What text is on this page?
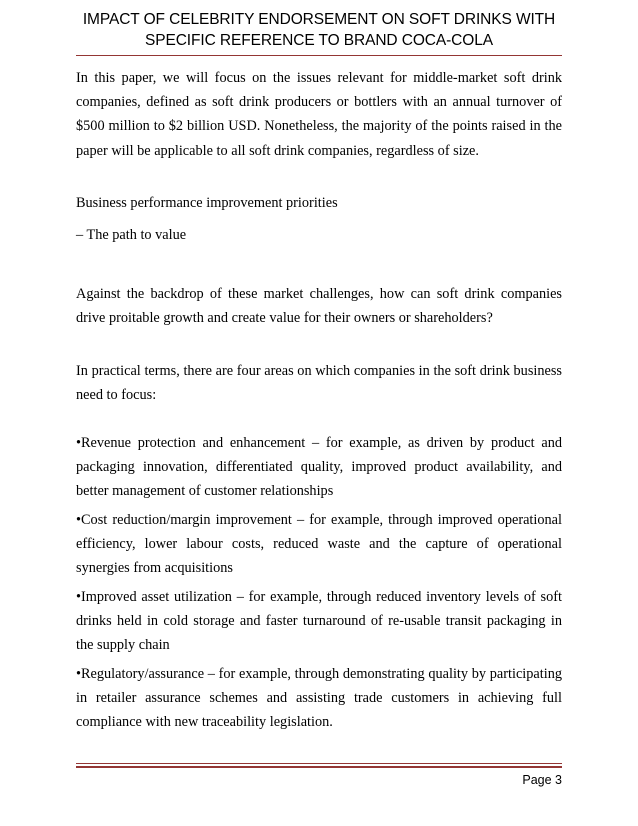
IMPACT OF CELEBRITY ENDORSEMENT ON SOFT DRINKS WITH
SPECIFIC REFERENCE TO BRAND COCA-COLA

In this paper, we will focus on the issues relevant for middle-market soft drink companies, defined as soft drink producers or bottlers with an annual turnover of $500 million to $2 billion USD. Nonetheless, the majority of the points raised in the paper will be applicable to all soft drink companies, regardless of size.

Business performance improvement priorities

– The path to value

Against the backdrop of these market challenges, how can soft drink companies drive proitable growth and create value for their owners or shareholders?

In practical terms, there are four areas on which companies in the soft drink business need to focus:

•Revenue protection and enhancement – for example, as driven by product and packaging innovation, differentiated quality, improved product availability, and better management of customer relationships

•Cost reduction/margin improvement – for example, through improved operational efficiency, lower labour costs, reduced waste and the capture of operational synergies from acquisitions

•Improved asset utilization – for example, through reduced inventory levels of soft drinks held in cold storage and faster turnaround of re-usable transit packaging in the supply chain

•Regulatory/assurance – for example, through demonstrating quality by participating in retailer assurance schemes and assisting trade customers in achieving full compliance with new traceability legislation.

Page 3
